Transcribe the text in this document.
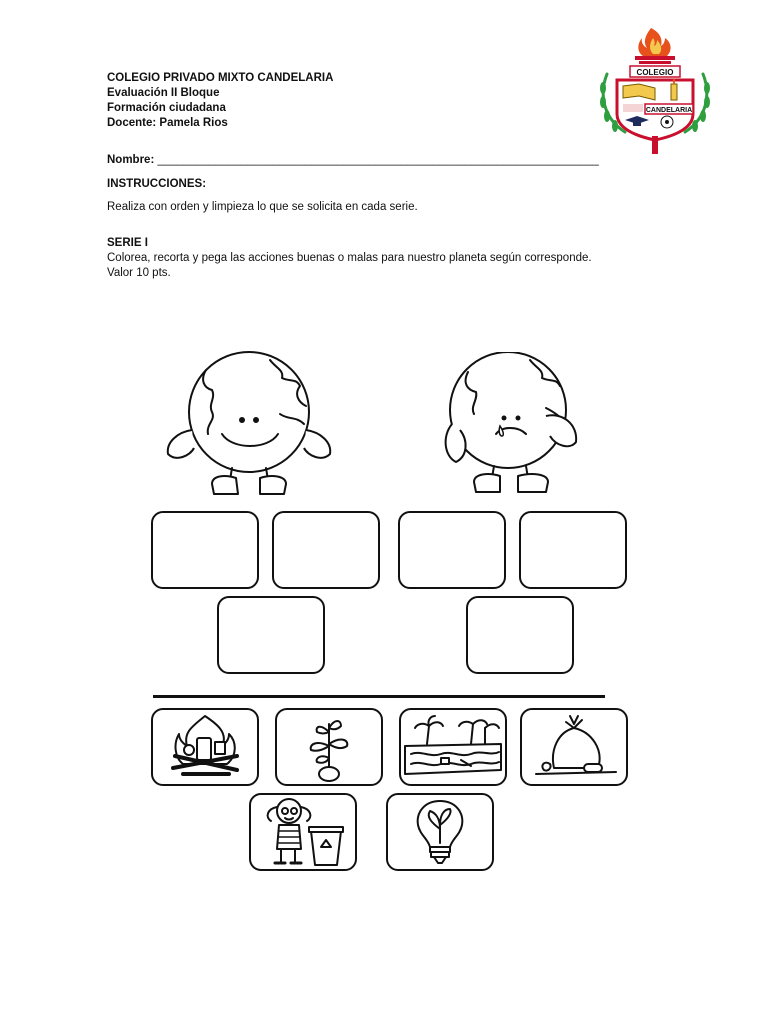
COLEGIO PRIVADO MIXTO CANDELARIA
Evaluación II Bloque
Formación ciudadana
Docente: Pamela Rios
COLEGIO
CANDELARIA
Nombre: _____________________________________________________________________
INSTRUCCIONES:
Realiza con orden y limpieza lo que se solicita en cada serie.
SERIE I
Colorea, recorta y pega las acciones buenas o malas para nuestro planeta según corresponde.
Valor 10 pts.
